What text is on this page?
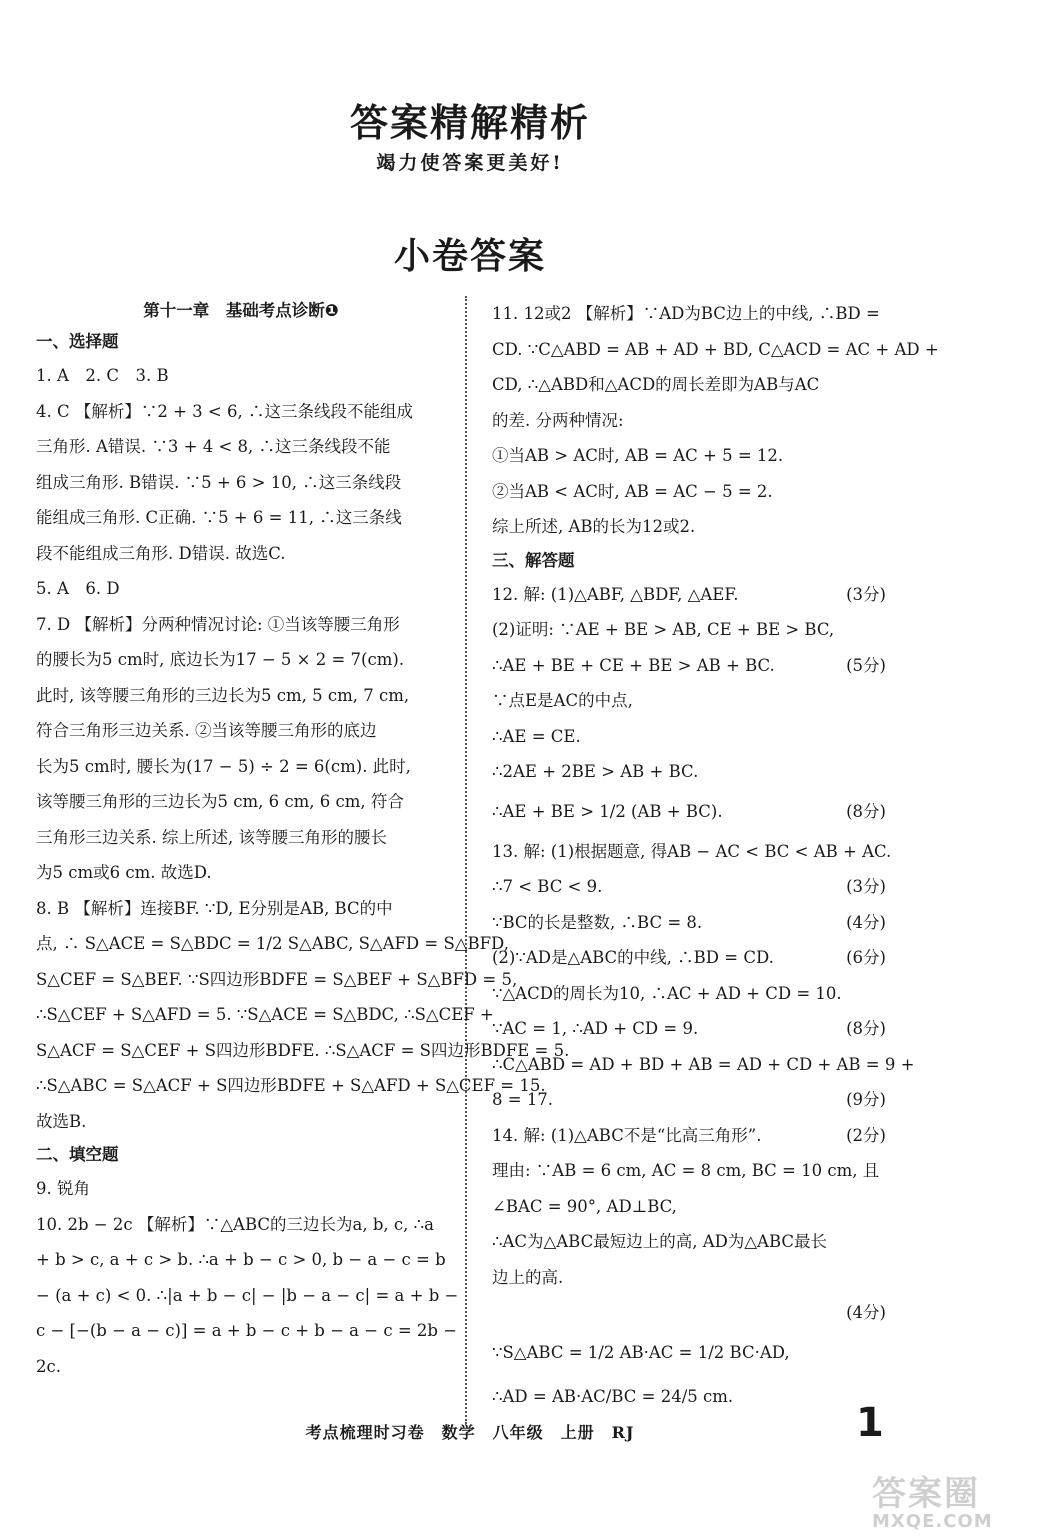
答案精解精析
竭力使答案更美好!
小卷答案
第十一章　基础考点诊断❶
一、选择题
1. A　2. C　3. B
4. C 【解析】∵2 + 3 < 6, ∴这三条线段不能组成
三角形. A错误. ∵3 + 4 < 8, ∴这三条线段不能
组成三角形. B错误. ∵5 + 6 > 10, ∴这三条线段
能组成三角形. C正确. ∵5 + 6 = 11, ∴这三条线
段不能组成三角形. D错误. 故选C.
5. A　6. D
7. D 【解析】分两种情况讨论: ①当该等腰三角形
的腰长为5 cm时, 底边长为17 − 5 × 2 = 7(cm).
此时, 该等腰三角形的三边长为5 cm, 5 cm, 7 cm,
符合三角形三边关系. ②当该等腰三角形的底边
长为5 cm时, 腰长为(17 − 5) ÷ 2 = 6(cm). 此时,
该等腰三角形的三边长为5 cm, 6 cm, 6 cm, 符合
三角形三边关系. 综上所述, 该等腰三角形的腰长
为5 cm或6 cm. 故选D.
8. B 【解析】连接BF. ∵D, E分别是AB, BC的中
点, ∴ S△ACE = S△BDC = 1/2 S△ABC, S△AFD = S△BFD,
S△CEF = S△BEF. ∵S四边形BDFE = S△BEF + S△BFD = 5,
∴S△CEF + S△AFD = 5. ∵S△ACE = S△BDC, ∴S△CEF +
S△ACF = S△CEF + S四边形BDFE. ∴S△ACF = S四边形BDFE = 5.
∴S△ABC = S△ACF + S四边形BDFE + S△AFD + S△CEF = 15.
故选B.
二、填空题
9. 锐角
10. 2b − 2c 【解析】∵△ABC的三边长为a, b, c, ∴a
+ b > c, a + c > b. ∴a + b − c > 0, b − a − c = b
− (a + c) < 0. ∴|a + b − c| − |b − a − c| = a + b −
c − [−(b − a − c)] = a + b − c + b − a − c = 2b −
2c.
11. 12或2 【解析】∵AD为BC边上的中线, ∴BD =
CD. ∵C△ABD = AB + AD + BD, C△ACD = AC + AD +
CD, ∴△ABD和△ACD的周长差即为AB与AC
的差. 分两种情况:
①当AB > AC时, AB = AC + 5 = 12.
②当AB < AC时, AB = AC − 5 = 2.
综上所述, AB的长为12或2.
三、解答题
(3分)
12. 解: (1)△ABF, △BDF, △AEF.
(2)证明: ∵AE + BE > AB, CE + BE > BC,
(5分)
∴AE + BE + CE + BE > AB + BC.
∵点E是AC的中点,
∴AE = CE.
∴2AE + 2BE > AB + BC.
(8分)
∴AE + BE > 1/2 (AB + BC).
13. 解: (1)根据题意, 得AB − AC < BC < AB + AC.
(3分)
∴7 < BC < 9.
(4分)
∵BC的长是整数, ∴BC = 8.
(6分)
(2)∵AD是△ABC的中线, ∴BD = CD.
∵△ACD的周长为10, ∴AC + AD + CD = 10.
(8分)
∵AC = 1, ∴AD + CD = 9.
∴C△ABD = AD + BD + AB = AD + CD + AB = 9 +
(9分)
8 = 17.
(2分)
14. 解: (1)△ABC不是“比高三角形”.
理由: ∵AB = 6 cm, AC = 8 cm, BC = 10 cm, 且
∠BAC = 90°, AD⊥BC,
∴AC为△ABC最短边上的高, AD为△ABC最长
边上的高.
(4分)
∵S△ABC = 1/2 AB·AC = 1/2 BC·AD,
∴AD = AB·AC/BC = 24/5 cm.
考点梳理时习卷　数学　八年级　上册　RJ	1
答案圈
MXQE.COM
